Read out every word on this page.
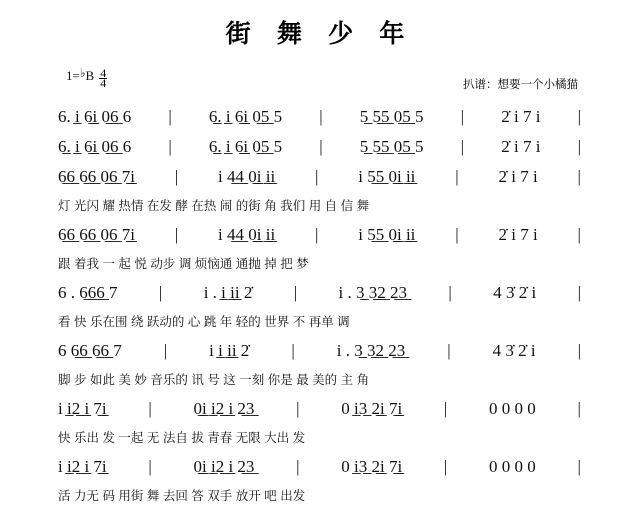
街 舞 少 年
1= ♭ B $\frac{4}{4}$	扒谱：想要一个小橘猫
6. i̲ 6̲i̲ 0̲6̲ 6 | 6̲. i̲ 6̲i̲ 0̲5̲ 5 | 5̲ 5̲5̲ 0̲5̲ 5 | 2̇ i 7 i |
6̲. i̲ 6̲i̲ 0̲6̲ 6 | 6̲. i̲ 6̲i̲ 0̲5̲ 5 | 5̲ 5̲5̲ 0̲5̲ 5 | 2̇ i 7 i |
6̲6̲ 6̲6̲ 0̲6̲ 7̲i̲ | i 4̲4̲ 0̲i̲ i̲i̲ | i 5̲5̲ 0̲i̲ i̲i̲ | 2̇ i 7 i |
灯 光闪 耀 热情 在发 酵 在热 闹 的街 角 我们 用 自 信 舞
6̲6̲ 6̲6̲ 0̲6̲ 7̲i̲ | i 4̲4̲ 0̲i̲ i̲i̲ | i 5̲5̲ 0̲i̲ i̲i̲ | 2̇ i 7 i |
跟 着我 一 起 悦 动步 调 烦恼通 通抛 掉 把 梦
6 . 6̲6̲6̲ 7 | i . i̲ i̲i̲ 2̇ | i . 3̲ 3̲2̲ 2̲3̲ | 4 3̇ 2̇ i |
看 快 乐在围 绕 跃动的 心 跳 年 轻的 世界 不 再单 调
6 6̲6̲ 6̲6̲ 7 | i i̲ i̲i̲ 2̇ | i . 3̲ 3̲2̲ 2̲3̲ | 4 3̇ 2̇ i |
脚 步 如此 美 妙 音乐的 讯 号 这 一刻 你是 最 美的 主 角
i i̲2̲ i̲ 7̲i̲ | 0̲i̲ i̲2̲ i̲ 2̲3̲ | 0 i̲3̲ 2̲i̲ 7̲i̲ | 0 0 0 0 |
快 乐出 发 一起 无 法自 拔 青春 无限 大出 发
i i̲2̲ i̲ 7̲i̲ | 0̲i̲ i̲2̲ i̲ 2̲3̲ | 0 i̲3̲ 2̲i̲ 7̲i̲ | 0 0 0 0 |
活 力无 码 用街 舞 去回 答 双手 放开 吧 出发
